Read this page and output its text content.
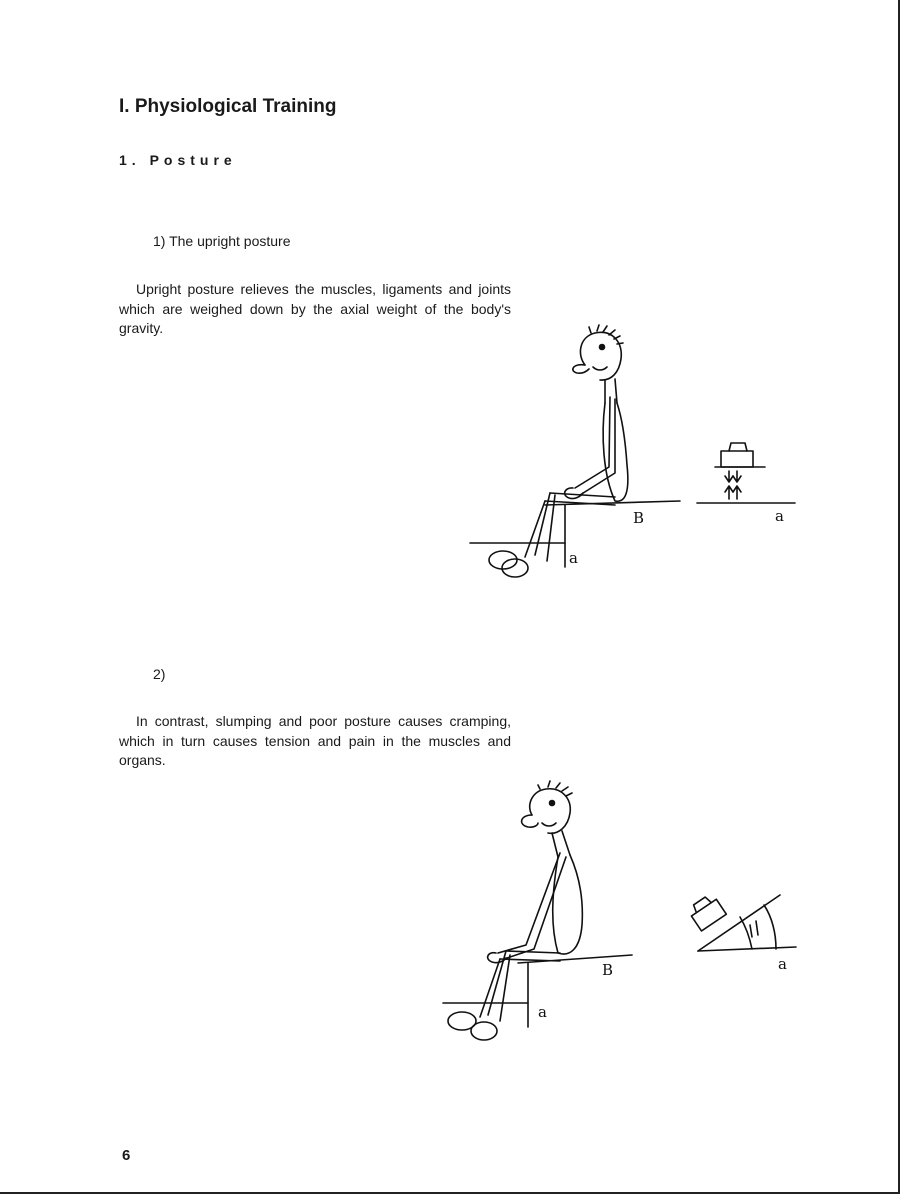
I. Physiological Training
1. Posture

1) The upright posture

Upright posture relieves the muscles, ligaments and joints which are weighed down by the axial weight of the body's gravity.

B
a
a

2)

In contrast, slumping and poor posture causes cramping, which in turn causes tension and pain in the muscles and organs.

B
a
a

6
